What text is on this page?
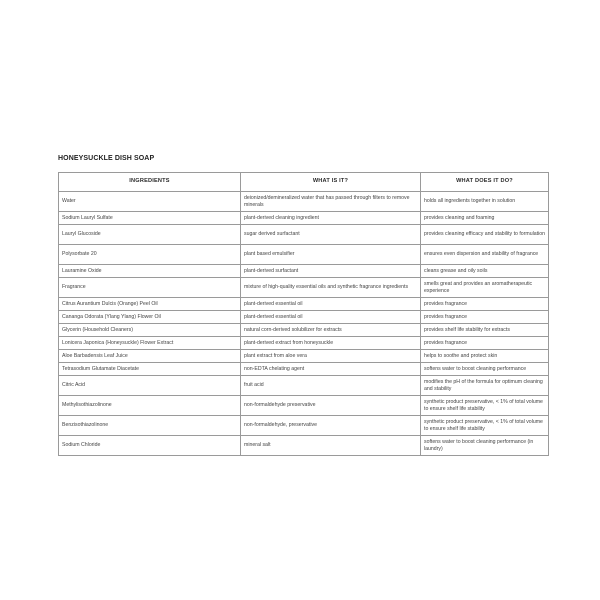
HONEYSUCKLE DISH SOAP
INGREDIENTS	WHAT IS IT?	WHAT DOES IT DO?
Water	deionized/demineralized water that has passed through filters to remove minerals	holds all ingredients together in solution
Sodium Lauryl Sulfate	plant-derived cleaning ingredient	provides cleaning and foaming
Lauryl Glucoside	sugar derived surfactant	provides cleaning efficacy and stability to formulation
Polysorbate 20	plant based emulsifier	ensures even dispersion and stability of fragrance
Lauramine Oxide	plant-derived surfactant	cleans grease and oily soils
Fragrance	mixture of high-quality essential oils and synthetic fragrance ingredients	smells great and provides an aromatherapeutic experience
Citrus Aurantium Dulcis (Orange) Peel Oil	plant-derived essential oil	provides fragrance
Cananga Odorata (Ylang Ylang) Flower Oil	plant-derived essential oil	provides fragrance
Glycerin (Household Cleaners)	natural corn-derived solubilizer for extracts	provides shelf life stability for extracts
Lonicera Japonica (Honeysuckle) Flower Extract	plant-derived extract from honeysuckle	provides fragrance
Aloe Barbadensis Leaf Juice	plant extract from aloe vera	helps to soothe and protect skin
Tetrasodium Glutamate Diacetate	non-EDTA chelating agent	softens water to boost cleaning performance
Citric Acid	fruit acid	modifies the pH of the formula for optimum cleaning and stability
Methylisothiazolinone	non-formaldehyde preservative	synthetic product preservative, < 1% of total volume to ensure shelf life stability
Benzisothiazolinone	non-formaldehyde, preservative	synthetic product preservative, < 1% of total volume to ensure shelf life stability
Sodium Chloride	mineral salt	softens water to boost cleaning performance (in laundry)
